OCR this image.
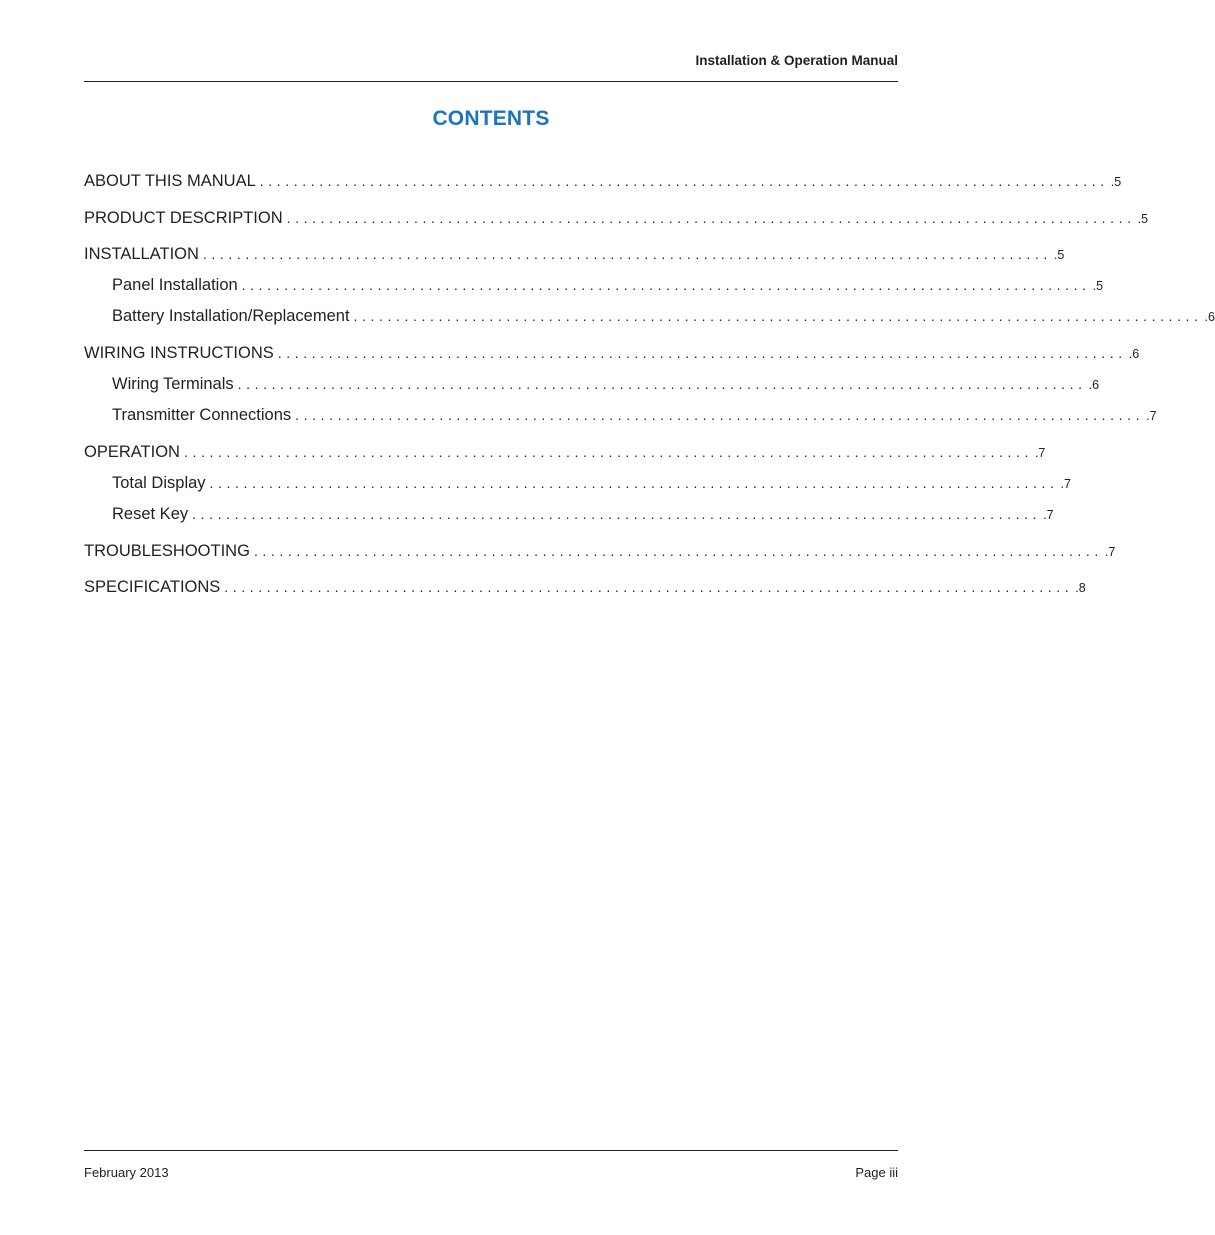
Installation & Operation Manual
CONTENTS
ABOUT THIS MANUAL .................................................................................................... .5
PRODUCT DESCRIPTION .................................................................................................... .5
INSTALLATION .................................................................................................... .5
Panel Installation .................................................................................................... .5
Battery Installation/Replacement .................................................................................................... .6
WIRING INSTRUCTIONS .................................................................................................... .6
Wiring Terminals .................................................................................................... .6
Transmitter Connections .................................................................................................... .7
OPERATION .................................................................................................... .7
Total Display .................................................................................................... .7
Reset Key .................................................................................................... .7
TROUBLESHOOTING .................................................................................................... .7
SPECIFICATIONS .................................................................................................... .8
February 2013	Page iii
